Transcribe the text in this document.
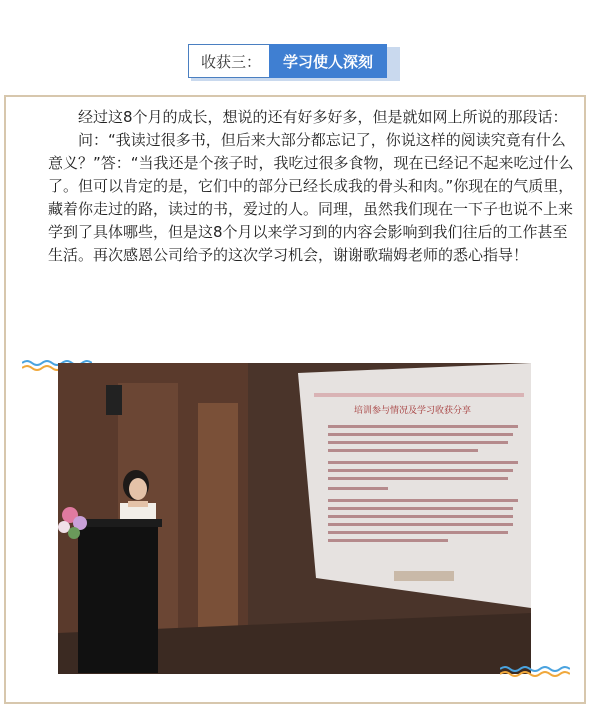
收获三：	学习使人深刻

经过这8个月的成长，想说的还有好多好多，但是就如网上所说的那段话：

问：“我读过很多书，但后来大部分都忘记了，你说这样的阅读究竟有什么意义？”答：“当我还是个孩子时，我吃过很多食物，现在已经记不起来吃过什么了。但可以肯定的是，它们中的部分已经长成我的骨头和肉。”你现在的气质里，藏着你走过的路，读过的书，爱过的人。同理，虽然我们现在一下子也说不上来学到了具体哪些，但是这8个月以来学习到的内容会影响到我们往后的工作甚至生活。再次感恩公司给予的这次学习机会，谢谢歌瑞姆老师的悉心指导！

培训参与情况及学习收获分享
